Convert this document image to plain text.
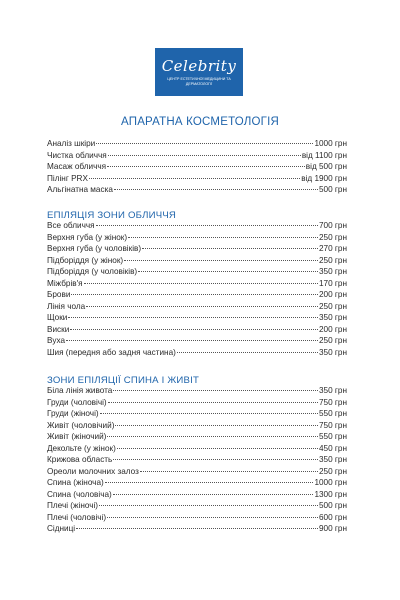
Celebrity
ЦЕНТР ЕСТЕТИЧНОЇ МЕДИЦИНИ ТА ДЕРМАТОЛОГІЇ
АПАРАТНА КОСМЕТОЛОГІЯ
Аналіз шкіри	1000 грн
Чистка обличчя	від 1100 грн
Масаж обличчя	від 500 грн
Пілінг PRX	від 1900 грн
Альгінатна маска	500 грн
ЕПІЛЯЦІЯ ЗОНИ ОБЛИЧЧЯ
Все обличчя	700 грн
Верхня губа (у жінок)	250 грн
Верхня губа (у чоловіків)	270 грн
Підборіддя (у жінок)	250 грн
Підборіддя (у чоловіків)	350 грн
Міжбрів'я	170 грн
Брови	200 грн
Лінія чола	250 грн
Щоки	350 грн
Виски	200 грн
Вуха	250 грн
Шия (передня або задня частина)	350 грн
ЗОНИ ЕПІЛЯЦІЇ СПИНА І ЖИВІТ
Біла лінія живота	350 грн
Груди (чоловічі)	750 грн
Груди (жіночі)	550 грн
Живіт (чоловічий)	750 грн
Живіт (жіночий)	550 грн
Декольте (у жінок)	450 грн
Крижова область	350 грн
Ореоли молочних залоз	250 грн
Спина (жіноча)	1000 грн
Спина (чоловіча)	1300 грн
Плечі (жіночі)	500 грн
Плечі (чоловічі)	600 грн
Сідниці	900 грн
